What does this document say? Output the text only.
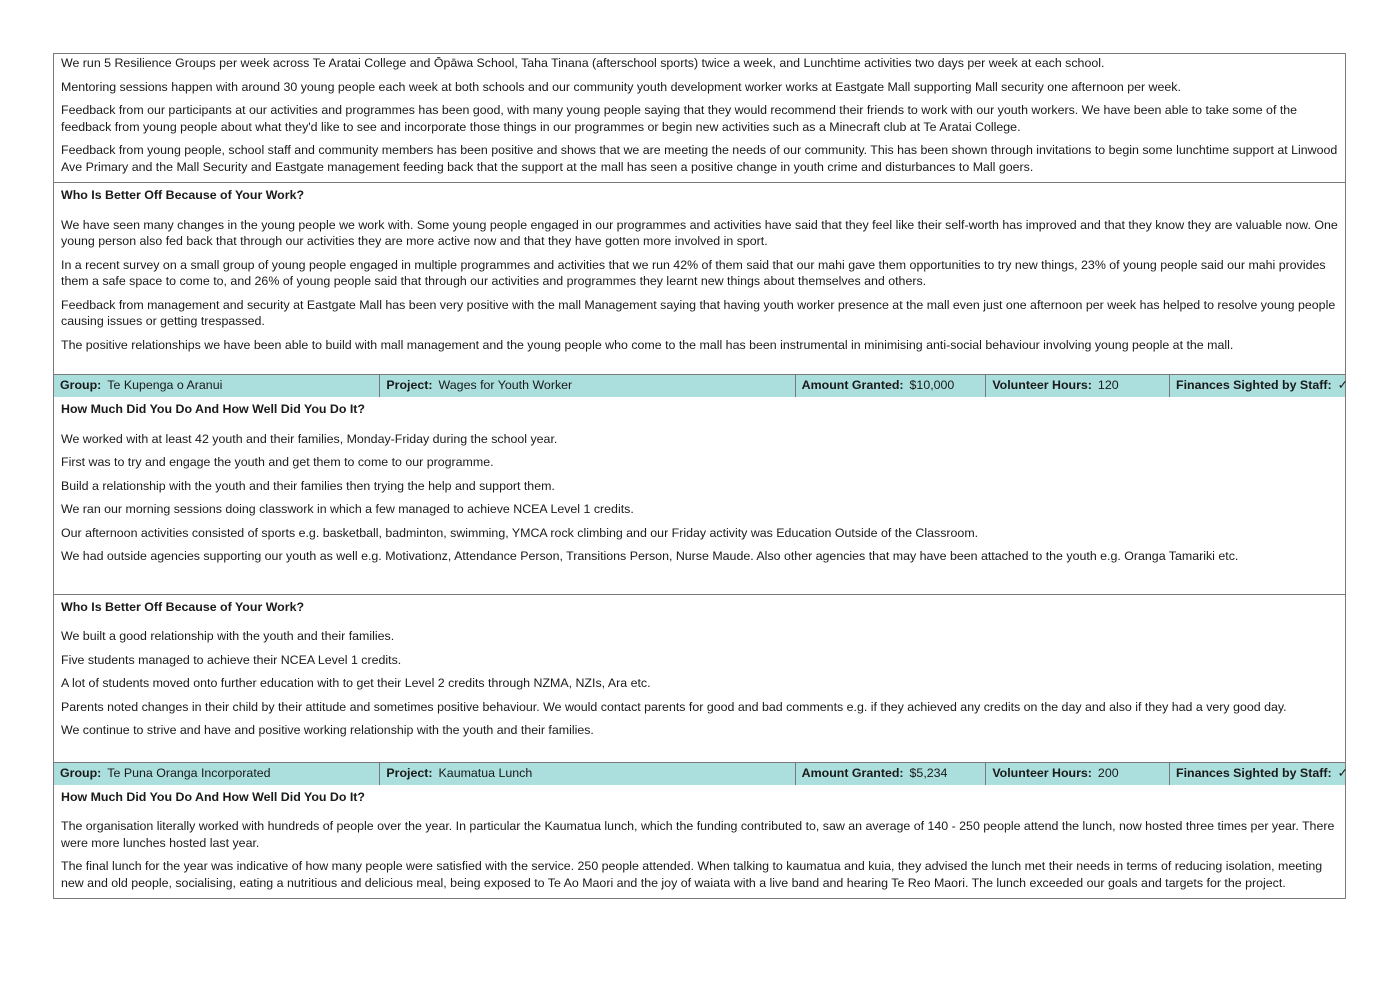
We run 5 Resilience Groups per week across Te Aratai College and Ōpāwa School, Taha Tinana (afterschool sports) twice a week, and Lunchtime activities two days per week at each school.

Mentoring sessions happen with around 30 young people each week at both schools and our community youth development worker works at Eastgate Mall supporting Mall security one afternoon per week.

Feedback from our participants at our activities and programmes has been good, with many young people saying that they would recommend their friends to work with our youth workers. We have been able to take some of the feedback from young people about what they'd like to see and incorporate those things in our programmes or begin new activities such as a Minecraft club at Te Aratai College.

Feedback from young people, school staff and community members has been positive and shows that we are meeting the needs of our community. This has been shown through invitations to begin some lunchtime support at Linwood Ave Primary and the Mall Security and Eastgate management feeding back that the support at the mall has seen a positive change in youth crime and disturbances to Mall goers.

Who Is Better Off Because of Your Work?

We have seen many changes in the young people we work with. Some young people engaged in our programmes and activities have said that they feel like their self-worth has improved and that they know they are valuable now. One young person also fed back that through our activities they are more active now and that they have gotten more involved in sport.

In a recent survey on a small group of young people engaged in multiple programmes and activities that we run 42% of them said that our mahi gave them opportunities to try new things, 23% of young people said our mahi provides them a safe space to come to, and 26% of young people said that through our activities and programmes they learnt new things about themselves and others.

Feedback from management and security at Eastgate Mall has been very positive with the mall Management saying that having youth worker presence at the mall even just one afternoon per week has helped to resolve young people causing issues or getting trespassed.

The positive relationships we have been able to build with mall management and the young people who come to the mall has been instrumental in minimising anti-social behaviour involving young people at the mall.

Group: Te Kupenga o Aranui	Project: Wages for Youth Worker	Amount Granted: $10,000	Volunteer Hours: 120	Finances Sighted by Staff: ✓

How Much Did You Do And How Well Did You Do It?

We worked with at least 42 youth and their families, Monday-Friday during the school year.

First was to try and engage the youth and get them to come to our programme.

Build a relationship with the youth and their families then trying the help and support them.

We ran our morning sessions doing classwork in which a few managed to achieve NCEA Level 1 credits.

Our afternoon activities consisted of sports e.g. basketball, badminton, swimming, YMCA rock climbing and our Friday activity was Education Outside of the Classroom.

We had outside agencies supporting our youth as well e.g. Motivationz, Attendance Person, Transitions Person, Nurse Maude. Also other agencies that may have been attached to the youth e.g. Oranga Tamariki etc.

Who Is Better Off Because of Your Work?

We built a good relationship with the youth and their families.

Five students managed to achieve their NCEA Level 1 credits.

A lot of students moved onto further education with to get their Level 2 credits through NZMA, NZIs, Ara etc.

Parents noted changes in their child by their attitude and sometimes positive behaviour. We would contact parents for good and bad comments e.g. if they achieved any credits on the day and also if they had a very good day.

We continue to strive and have and positive working relationship with the youth and their families.

Group: Te Puna Oranga Incorporated	Project: Kaumatua Lunch	Amount Granted: $5,234	Volunteer Hours: 200	Finances Sighted by Staff: ✓

How Much Did You Do And How Well Did You Do It?

The organisation literally worked with hundreds of people over the year. In particular the Kaumatua lunch, which the funding contributed to, saw an average of 140 - 250 people attend the lunch, now hosted three times per year. There were more lunches hosted last year.

The final lunch for the year was indicative of how many people were satisfied with the service. 250 people attended. When talking to kaumatua and kuia, they advised the lunch met their needs in terms of reducing isolation, meeting new and old people, socialising, eating a nutritious and delicious meal, being exposed to Te Ao Maori and the joy of waiata with a live band and hearing Te Reo Maori. The lunch exceeded our goals and targets for the project.
